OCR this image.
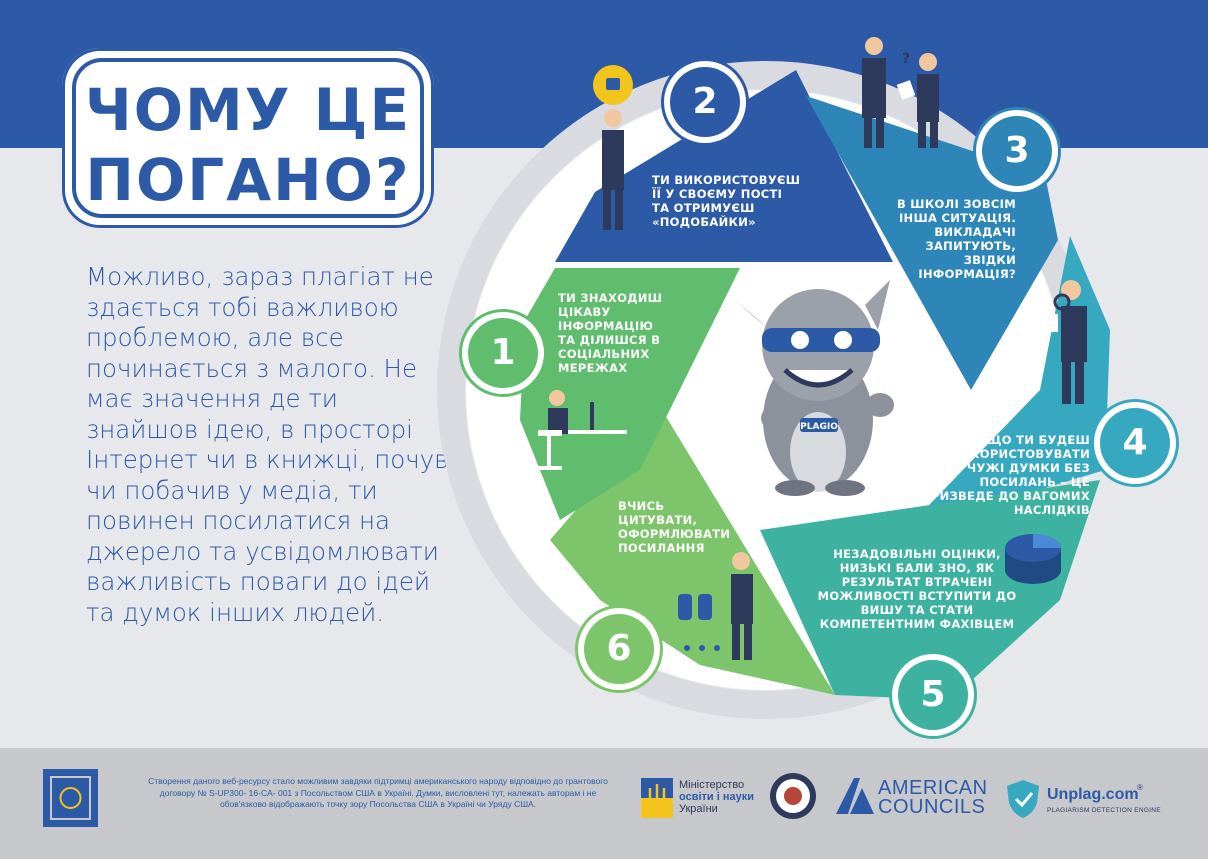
ЧОМУ ЦЕ
ПОГАНО?
Можливо, зараз плагіат не здається тобі важливою проблемою, але все починається з малого. Не має значення де ти знайшов ідею, в просторі Інтернет чи в книжці, почув чи побачив у медіа, ти повинен посилатися на джерело та усвідомлювати важливість поваги до ідей та думок інших людей.
PLAGIO
?
1
2
3
4
5
6
ТИ ЗНАХОДИШ ЦІКАВУ ІНФОРМАЦІЮ ТА ДІЛИШСЯ В СОЦІАЛЬНИХ МЕРЕЖАХ
ТИ ВИКОРИСТОВУЄШ ЇЇ У СВОЄМУ ПОСТІ ТА ОТРИМУЄШ «ПОДОБАЙКИ»
В ШКОЛІ ЗОВСІМ ІНША СИТУАЦІЯ. ВИКЛАДАЧІ ЗАПИТУЮТЬ, ЗВІДКИ ІНФОРМАЦІЯ?
ЯКЩО ТИ БУДЕШ ВИКОРИСТОВУВАТИ ЧУЖІ ДУМКИ БЕЗ ПОСИЛАНЬ – ЦЕ ПРИЗВЕДЕ ДО ВАГОМИХ НАСЛІДКІВ
НЕЗАДОВІЛЬНІ ОЦІНКИ, НИЗЬКІ БАЛИ ЗНО, ЯК РЕЗУЛЬТАТ ВТРАЧЕНІ МОЖЛИВОСТІ ВСТУПИТИ ДО ВИШУ ТА СТАТИ КОМПЕТЕНТНИМ ФАХІВЦЕМ
ВЧИСЬ ЦИТУВАТИ, ОФОРМЛЮВАТИ ПОСИЛАННЯ
Створення даного веб-ресурсу стало можливим завдяки підтримці американського народу відповідно до грантового договору № S-UP300- 16-CA- 001 з Посольством США в Україні. Думки, висловлені тут, належать авторам і не обов'язково відображають точку зору Посольства США в Україні чи Уряду США.
Міністерство
освіти і науки
України
AMERICAN
COUNCILS
Unplag.com
®
PLAGIARISM DETECTION ENGINE
